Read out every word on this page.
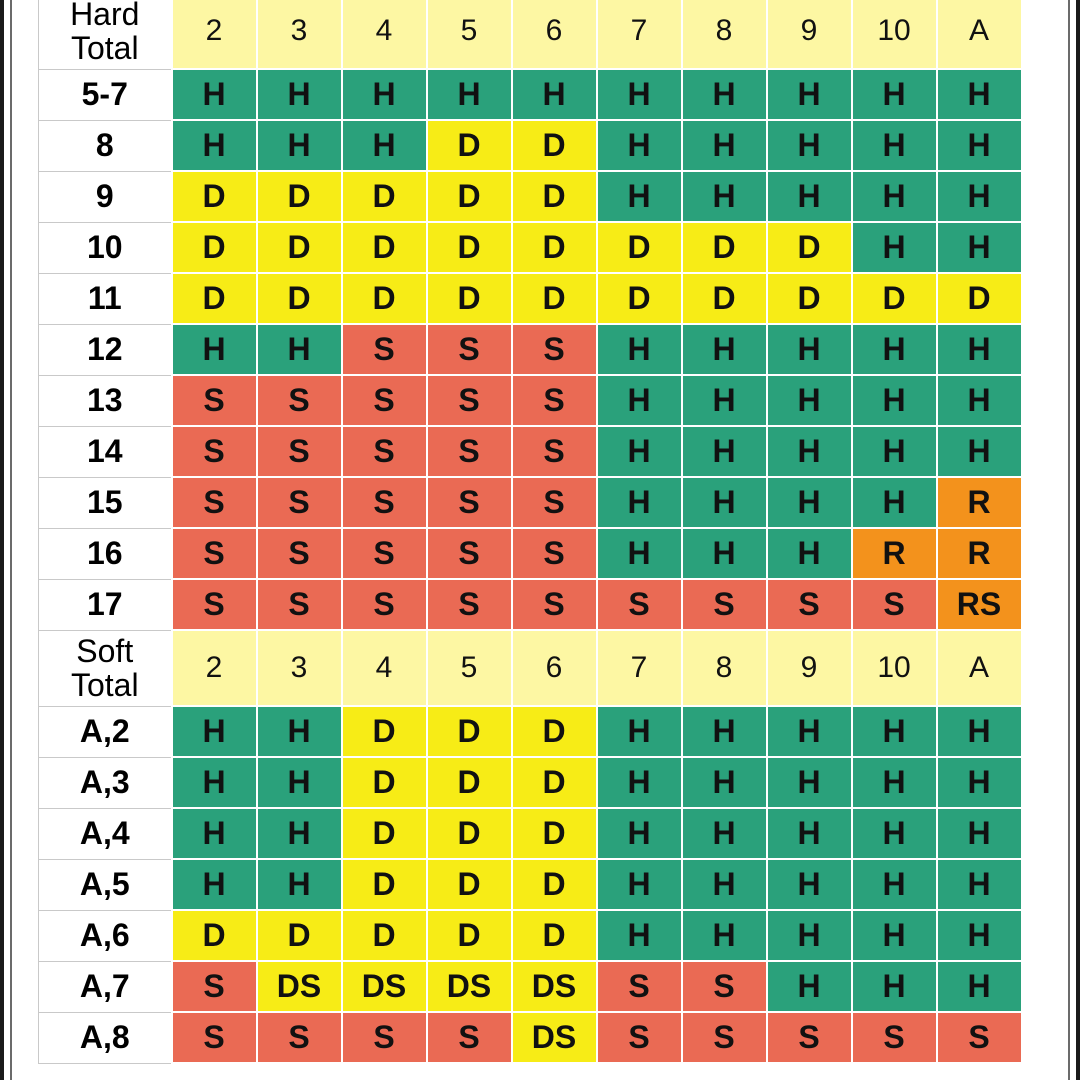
Hard
Total	2	3	4	5	6	7	8	9	10	A
5-7	H	H	H	H	H	H	H	H	H	H
8	H	H	H	D	D	H	H	H	H	H
9	D	D	D	D	D	H	H	H	H	H
10	D	D	D	D	D	D	D	D	H	H
11	D	D	D	D	D	D	D	D	D	D
12	H	H	S	S	S	H	H	H	H	H
13	S	S	S	S	S	H	H	H	H	H
14	S	S	S	S	S	H	H	H	H	H
15	S	S	S	S	S	H	H	H	H	R
16	S	S	S	S	S	H	H	H	R	R
17	S	S	S	S	S	S	S	S	S	RS

Soft
Total	2	3	4	5	6	7	8	9	10	A
A,2	H	H	D	D	D	H	H	H	H	H
A,3	H	H	D	D	D	H	H	H	H	H
A,4	H	H	D	D	D	H	H	H	H	H
A,5	H	H	D	D	D	H	H	H	H	H
A,6	D	D	D	D	D	H	H	H	H	H
A,7	S	DS	DS	DS	DS	S	S	H	H	H
A,8	S	S	S	S	DS	S	S	S	S	S
